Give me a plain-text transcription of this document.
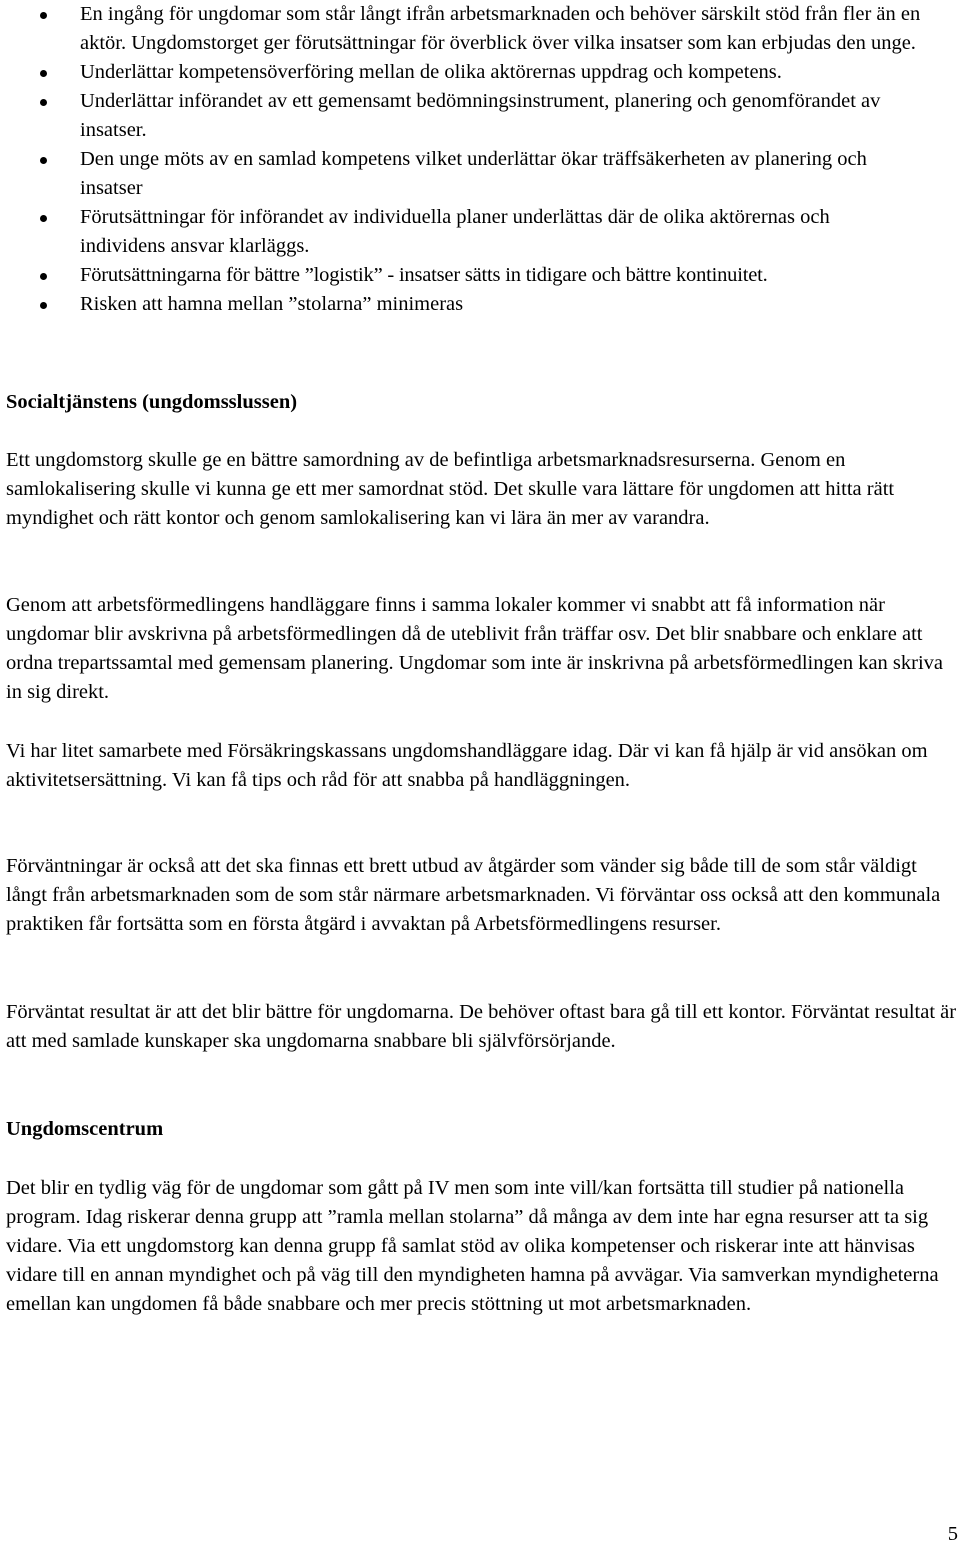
En ingång för ungdomar som står långt ifrån arbetsmarknaden och behöver särskilt stöd från fler än en aktör. Ungdomstorget ger förutsättningar för överblick över vilka insatser som kan erbjudas den unge.
Underlättar kompetensöverföring mellan de olika aktörernas uppdrag och kompetens.
Underlättar införandet av ett gemensamt bedömningsinstrument, planering och genomförandet av insatser.
Den unge möts av en samlad kompetens vilket underlättar ökar träffsäkerheten av planering och insatser
Förutsättningar för införandet av individuella planer underlättas där de olika aktörernas och individens ansvar klarläggs.
Förutsättningarna för bättre ”logistik” - insatser sätts in tidigare och bättre kontinuitet.
Risken att hamna mellan ”stolarna” minimeras
Socialtjänstens (ungdomsslussen)

Ett ungdomstorg skulle ge en bättre samordning av de befintliga arbetsmarknadsresurserna. Genom en samlokalisering skulle vi kunna ge ett mer samordnat stöd. Det skulle vara lättare för ungdomen att hitta rätt myndighet och rätt kontor och genom samlokalisering kan vi lära än mer av varandra.

Genom att arbetsförmedlingens handläggare finns i samma lokaler kommer vi snabbt att få information när ungdomar blir avskrivna på arbetsförmedlingen då de uteblivit från träffar osv. Det blir snabbare och enklare att ordna trepartssamtal med gemensam planering. Ungdomar som inte är inskrivna på arbetsförmedlingen kan skriva in sig direkt.

Vi har litet samarbete med Försäkringskassans ungdomshandläggare idag. Där vi kan få hjälp är vid ansökan om aktivitetsersättning. Vi kan få tips och råd för att snabba på handläggningen.

Förväntningar är också att det ska finnas ett brett utbud av åtgärder som vänder sig både till de som står väldigt långt från arbetsmarknaden som de som står närmare arbetsmarknaden. Vi förväntar oss också att den kommunala praktiken får fortsätta som en första åtgärd i avvaktan på Arbetsförmedlingens resurser.

Förväntat resultat är att det blir bättre för ungdomarna. De behöver oftast bara gå till ett kontor. Förväntat resultat är att med samlade kunskaper ska ungdomarna snabbare bli självförsörjande.

Ungdomscentrum

Det blir en tydlig väg för de ungdomar som gått på IV men som inte vill/kan fortsätta till studier på nationella program. Idag riskerar denna grupp att ”ramla mellan stolarna” då många av dem inte har egna resurser att ta sig vidare. Via ett ungdomstorg kan denna grupp få samlat stöd av olika kompetenser och riskerar inte att hänvisas vidare till en annan myndighet och på väg till den myndigheten hamna på avvägar. Via samverkan myndigheterna emellan kan ungdomen få både snabbare och mer precis stöttning ut mot arbetsmarknaden.

5
